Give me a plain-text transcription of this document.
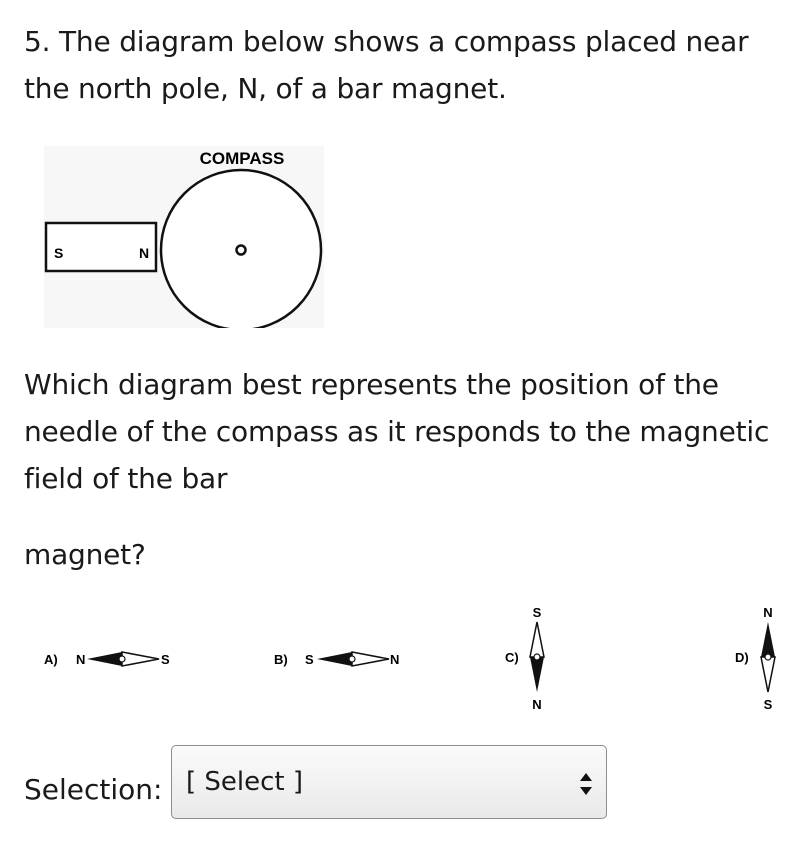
5. The diagram below shows a compass placed near the north pole, N, of a bar magnet.

COMPASS
S	N

Which diagram best represents the position of the needle of the compass as it responds to the magnetic field of the bar

magnet?

A) N	S	B) S	N	C)
S
N
D)
N
S
Selection: [ Select ]
